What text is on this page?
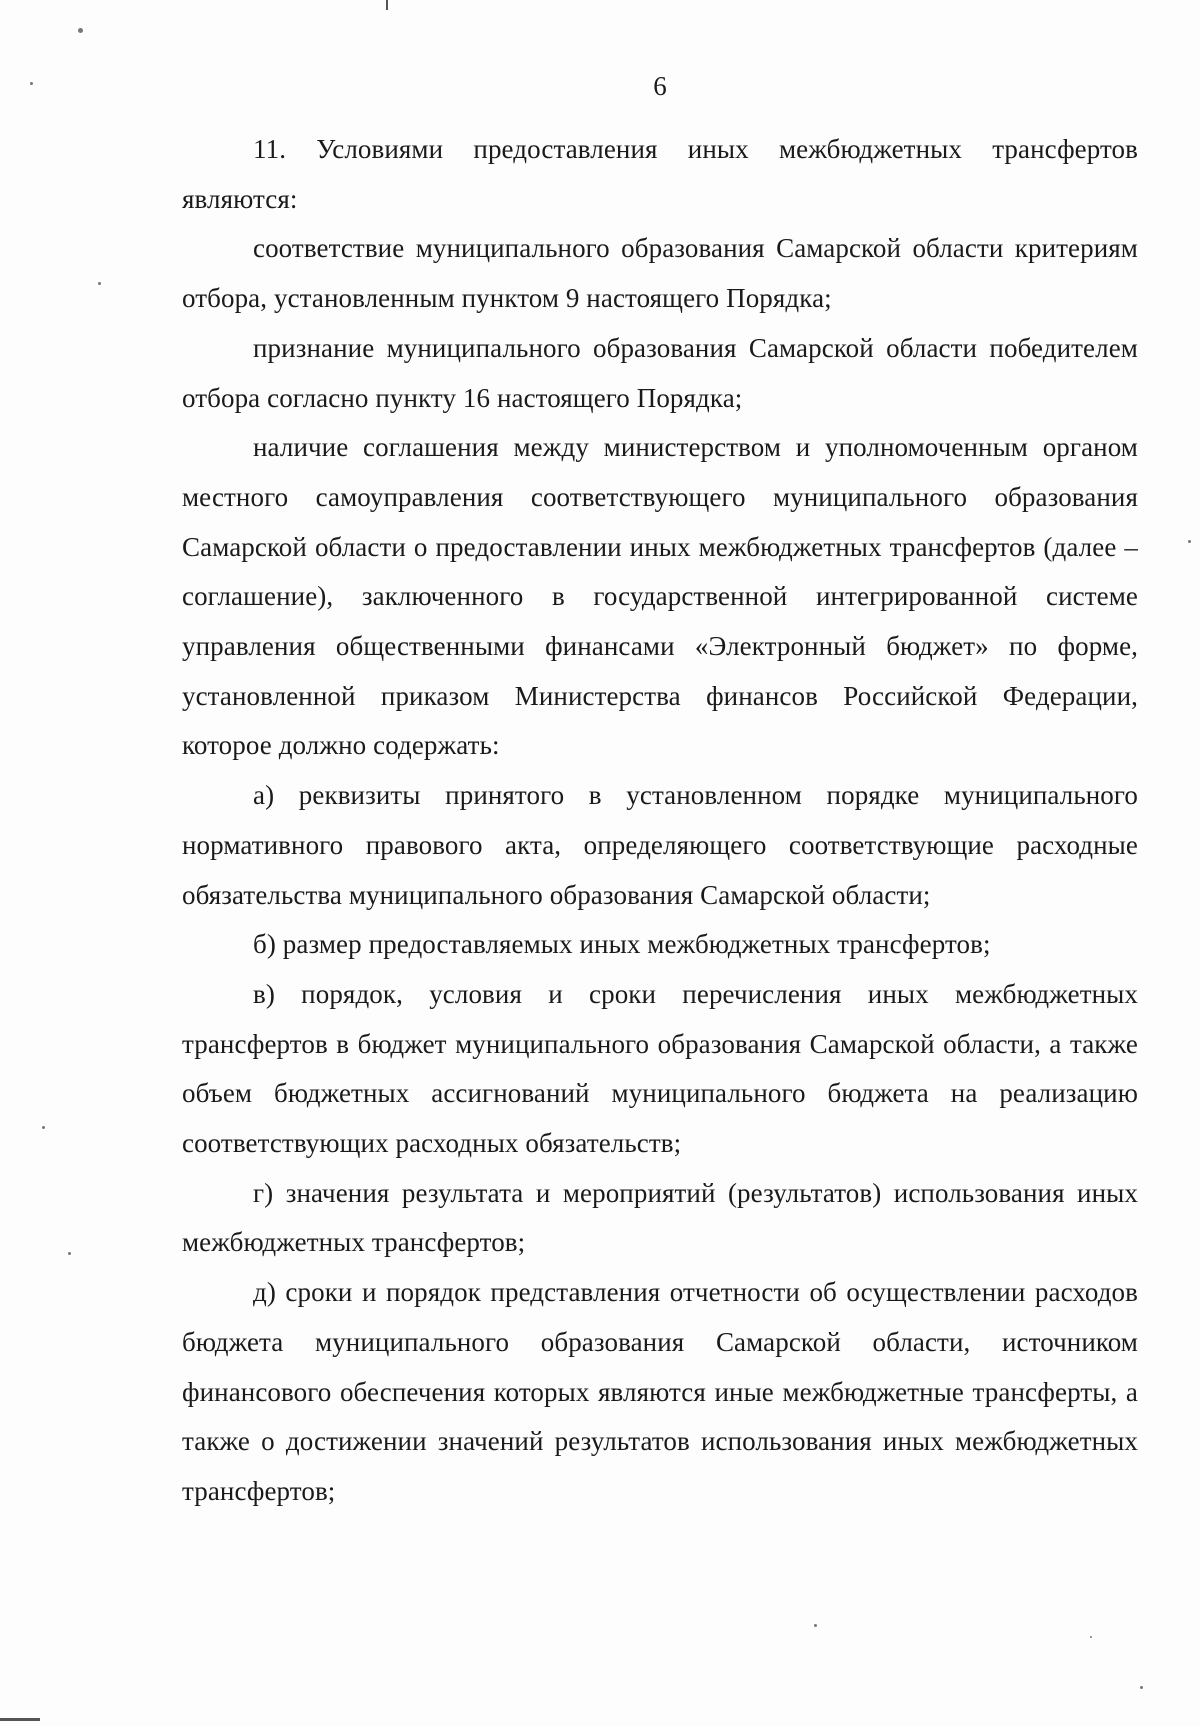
6

11. Условиями предоставления иных межбюджетных трансфертов являются:

соответствие муниципального образования Самарской области критериям отбора, установленным пунктом 9 настоящего Порядка;

признание муниципального образования Самарской области победителем отбора согласно пункту 16 настоящего Порядка;

наличие соглашения между министерством и уполномоченным органом местного самоуправления соответствующего муниципального образования Самарской области о предоставлении иных межбюджетных трансфертов (далее – соглашение), заключенного в государственной интегрированной системе управления общественными финансами «Электронный бюджет» по форме, установленной приказом Министерства финансов Российской Федерации, которое должно содержать:

а) реквизиты принятого в установленном порядке муниципального нормативного правового акта, определяющего соответствующие расходные обязательства муниципального образования Самарской области;

б) размер предоставляемых иных межбюджетных трансфертов;

в) порядок, условия и сроки перечисления иных межбюджетных трансфертов в бюджет муниципального образования Самарской области, а также объем бюджетных ассигнований муниципального бюджета на реализацию соответствующих расходных обязательств;

г) значения результата и мероприятий (результатов) использования иных межбюджетных трансфертов;

д) сроки и порядок представления отчетности об осуществлении расходов бюджета муниципального образования Самарской области, источником финансового обеспечения которых являются иные межбюджетные трансферты, а также о достижении значений результатов использования иных межбюджетных трансфертов;
